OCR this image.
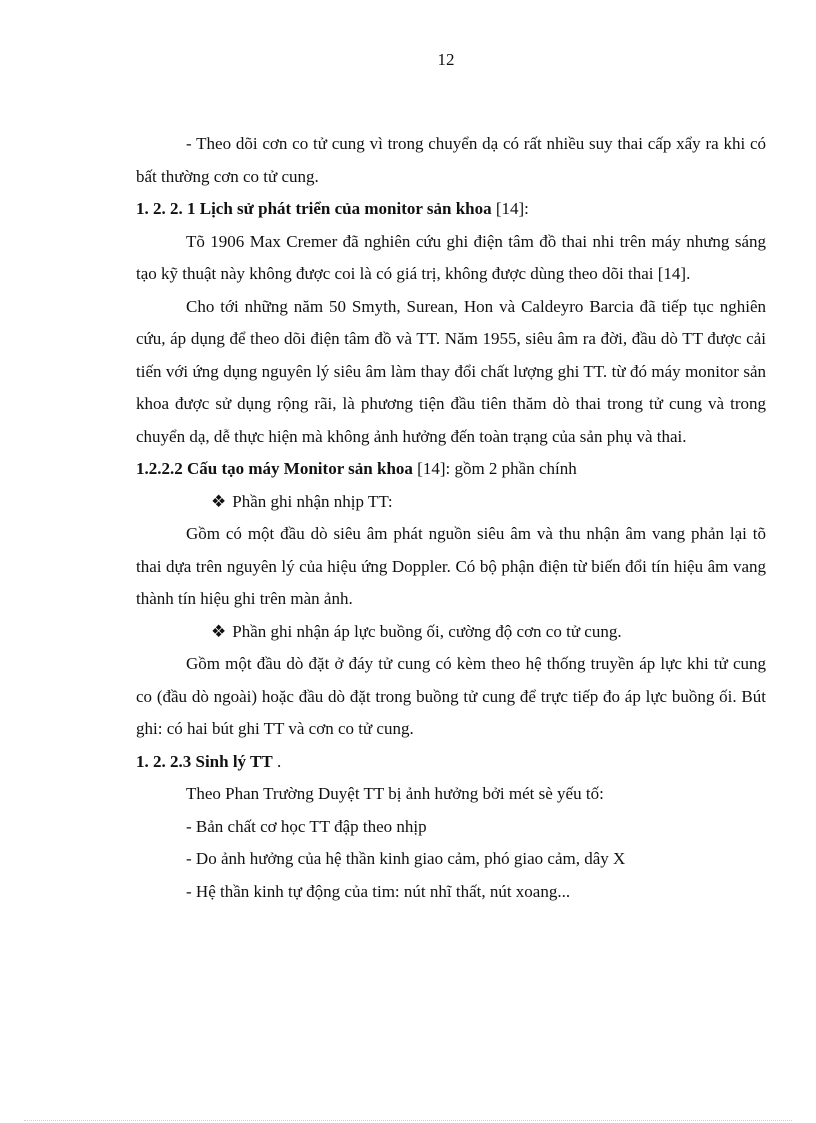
12

- Theo dõi cơn co tử cung vì trong chuyển dạ có rất nhiều suy thai cấp xẩy ra khi có bất thường cơn co tử cung.

1. 2. 2. 1 Lịch sử phát triển của monitor sản khoa [14]:

Tõ 1906 Max Cremer đã nghiên cứu ghi điện tâm đồ thai nhi trên máy nhưng sáng tạo kỹ thuật này không được coi là có giá trị, không được dùng theo dõi thai [14].

Cho tới những năm 50 Smyth, Surean, Hon và Caldeyro Barcia đã tiếp tục nghiên cứu, áp dụng để theo dõi điện tâm đồ và TT. Năm 1955, siêu âm ra đời, đầu dò TT được cải tiến với ứng dụng nguyên lý siêu âm làm thay đổi chất lượng ghi TT. từ đó máy monitor sản khoa được sử dụng rộng rãi, là phương tiện đầu tiên thăm dò thai trong tử cung và trong chuyển dạ, dễ thực hiện mà không ảnh hưởng đến toàn trạng của sản phụ và thai.

1.2.2.2 Cấu tạo máy Monitor sản khoa [14]: gồm 2 phần chính

❖ Phần ghi nhận nhịp TT:

Gồm có một đầu dò siêu âm phát nguồn siêu âm và thu nhận âm vang phản lại tõ thai dựa trên nguyên lý của hiệu ứng Doppler. Có bộ phận điện từ biến đổi tín hiệu âm vang thành tín hiệu ghi trên màn ảnh.

❖ Phần ghi nhận áp lực buồng ối, cường độ cơn co tử cung.

Gồm một đầu dò đặt ở đáy tử cung có kèm theo hệ thống truyền áp lực khi tử cung co (đầu dò ngoài) hoặc đầu dò đặt trong buồng tử cung để trực tiếp đo áp lực buồng ối. Bút ghi: có hai bút ghi TT và cơn co tử cung.

1. 2. 2.3 Sinh lý TT .

Theo Phan Trường Duyệt TT bị ảnh hưởng bởi mét sè yếu tố:

- Bản chất cơ học TT đập theo nhịp

- Do ảnh hưởng của hệ thần kinh giao cảm, phó giao cảm, dây X

- Hệ thần kinh tự động của tim: nút nhĩ thất, nút xoang...
